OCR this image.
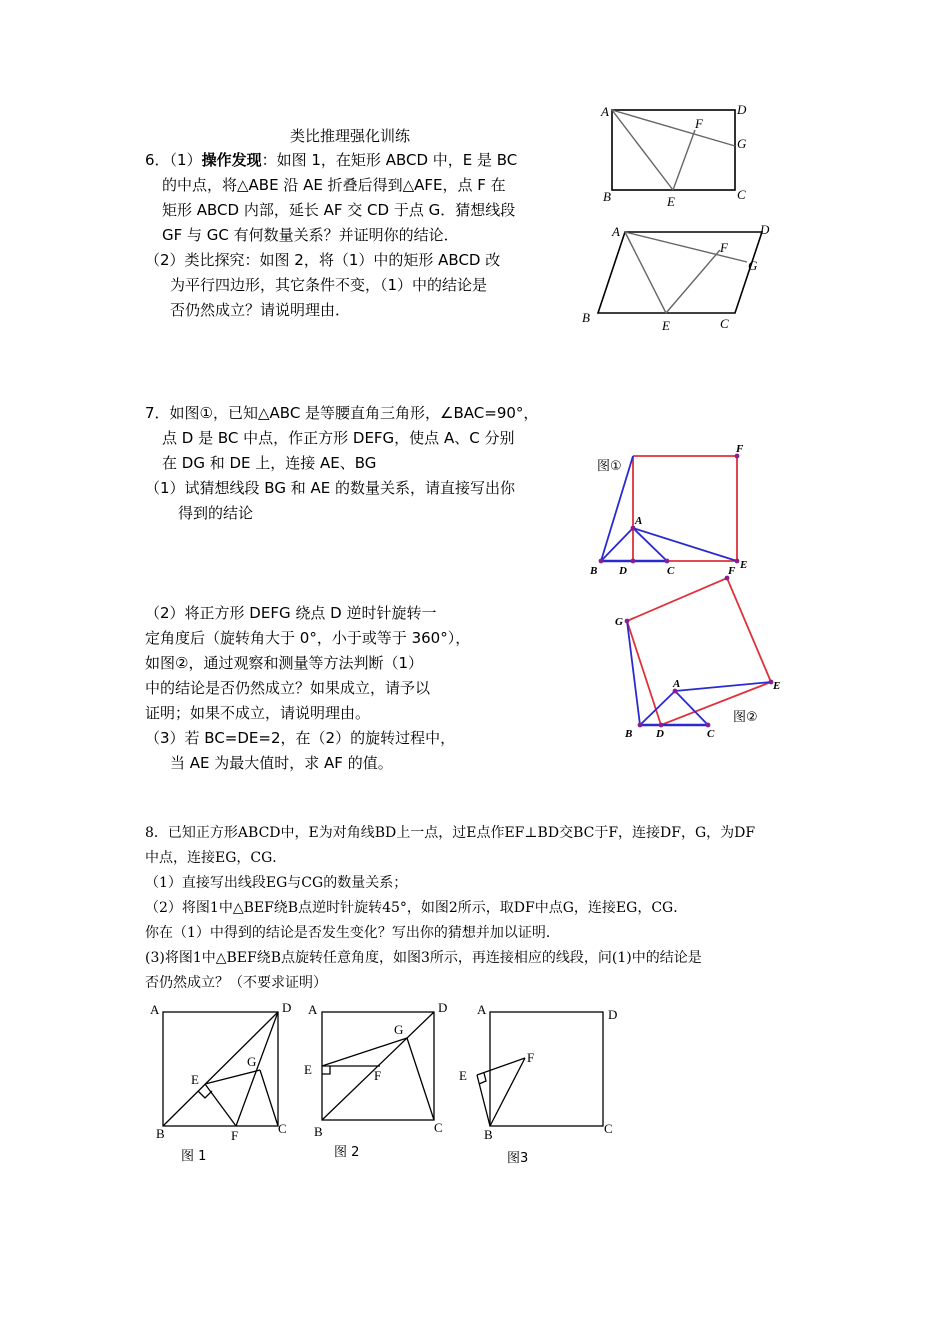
类比推理强化训练
6．（1）操作发现：如图 1，在矩形 ABCD 中，E 是 BC
的中点，将△ABE 沿 AE 折叠后得到△AFE，点 F 在
矩形 ABCD 内部，延长 AF 交 CD 于点 G．猜想线段
GF 与 GC 有何数量关系？并证明你的结论．
（2）类比探究：如图 2，将（1）中的矩形 ABCD 改
为平行四边形，其它条件不变，（1）中的结论是
否仍然成立？请说明理由．
A	D
F
G
B	E	C
A	D
F
G
B
E	C
7．如图①，已知△ABC 是等腰直角三角形，∠BAC=90°，
点 D 是 BC 中点，作正方形 DEFG，使点 A、C 分别
在 DG 和 DE 上，连接 AE、BG
（1）试猜想线段 BG 和 AE 的数量关系，请直接写出你
得到的结论
（2）将正方形 DEFG 绕点 D 逆时针旋转一
定角度后（旋转角大于 0°，小于或等于 360°），
如图②，通过观察和测量等方法判断（1）
中的结论是否仍然成立？如果成立，请予以
证明；如果不成立，请说明理由。
（3）若 BC=DE=2，在（2）的旋转过程中，
当 AE 为最大值时，求 AF 的值。
图①
F
A
B D	C	E
F
G
A	E
图②
B D	C
8．已知正方形ABCD中，E为对角线BD上一点，过E点作EF⊥BD交BC于F，连接DF，G，为DF
中点，连接EG，CG．
（1）直接写出线段EG与CG的数量关系；
（2）将图1中△BEF绕B点逆时针旋转45°，如图2所示，取DF中点G，连接EG，CG．
你在（1）中得到的结论是否发生变化？写出你的猜想并加以证明．
(3)将图1中△BEF绕B点旋转任意角度，如图3所示，再连接相应的线段，问(1)中的结论是
否仍然成立？（不要求证明）
A	D
G
E
B	F	C
图 1
A	D
G
E	F
B	C
图 2
A	D
F
E
B	C
图3
